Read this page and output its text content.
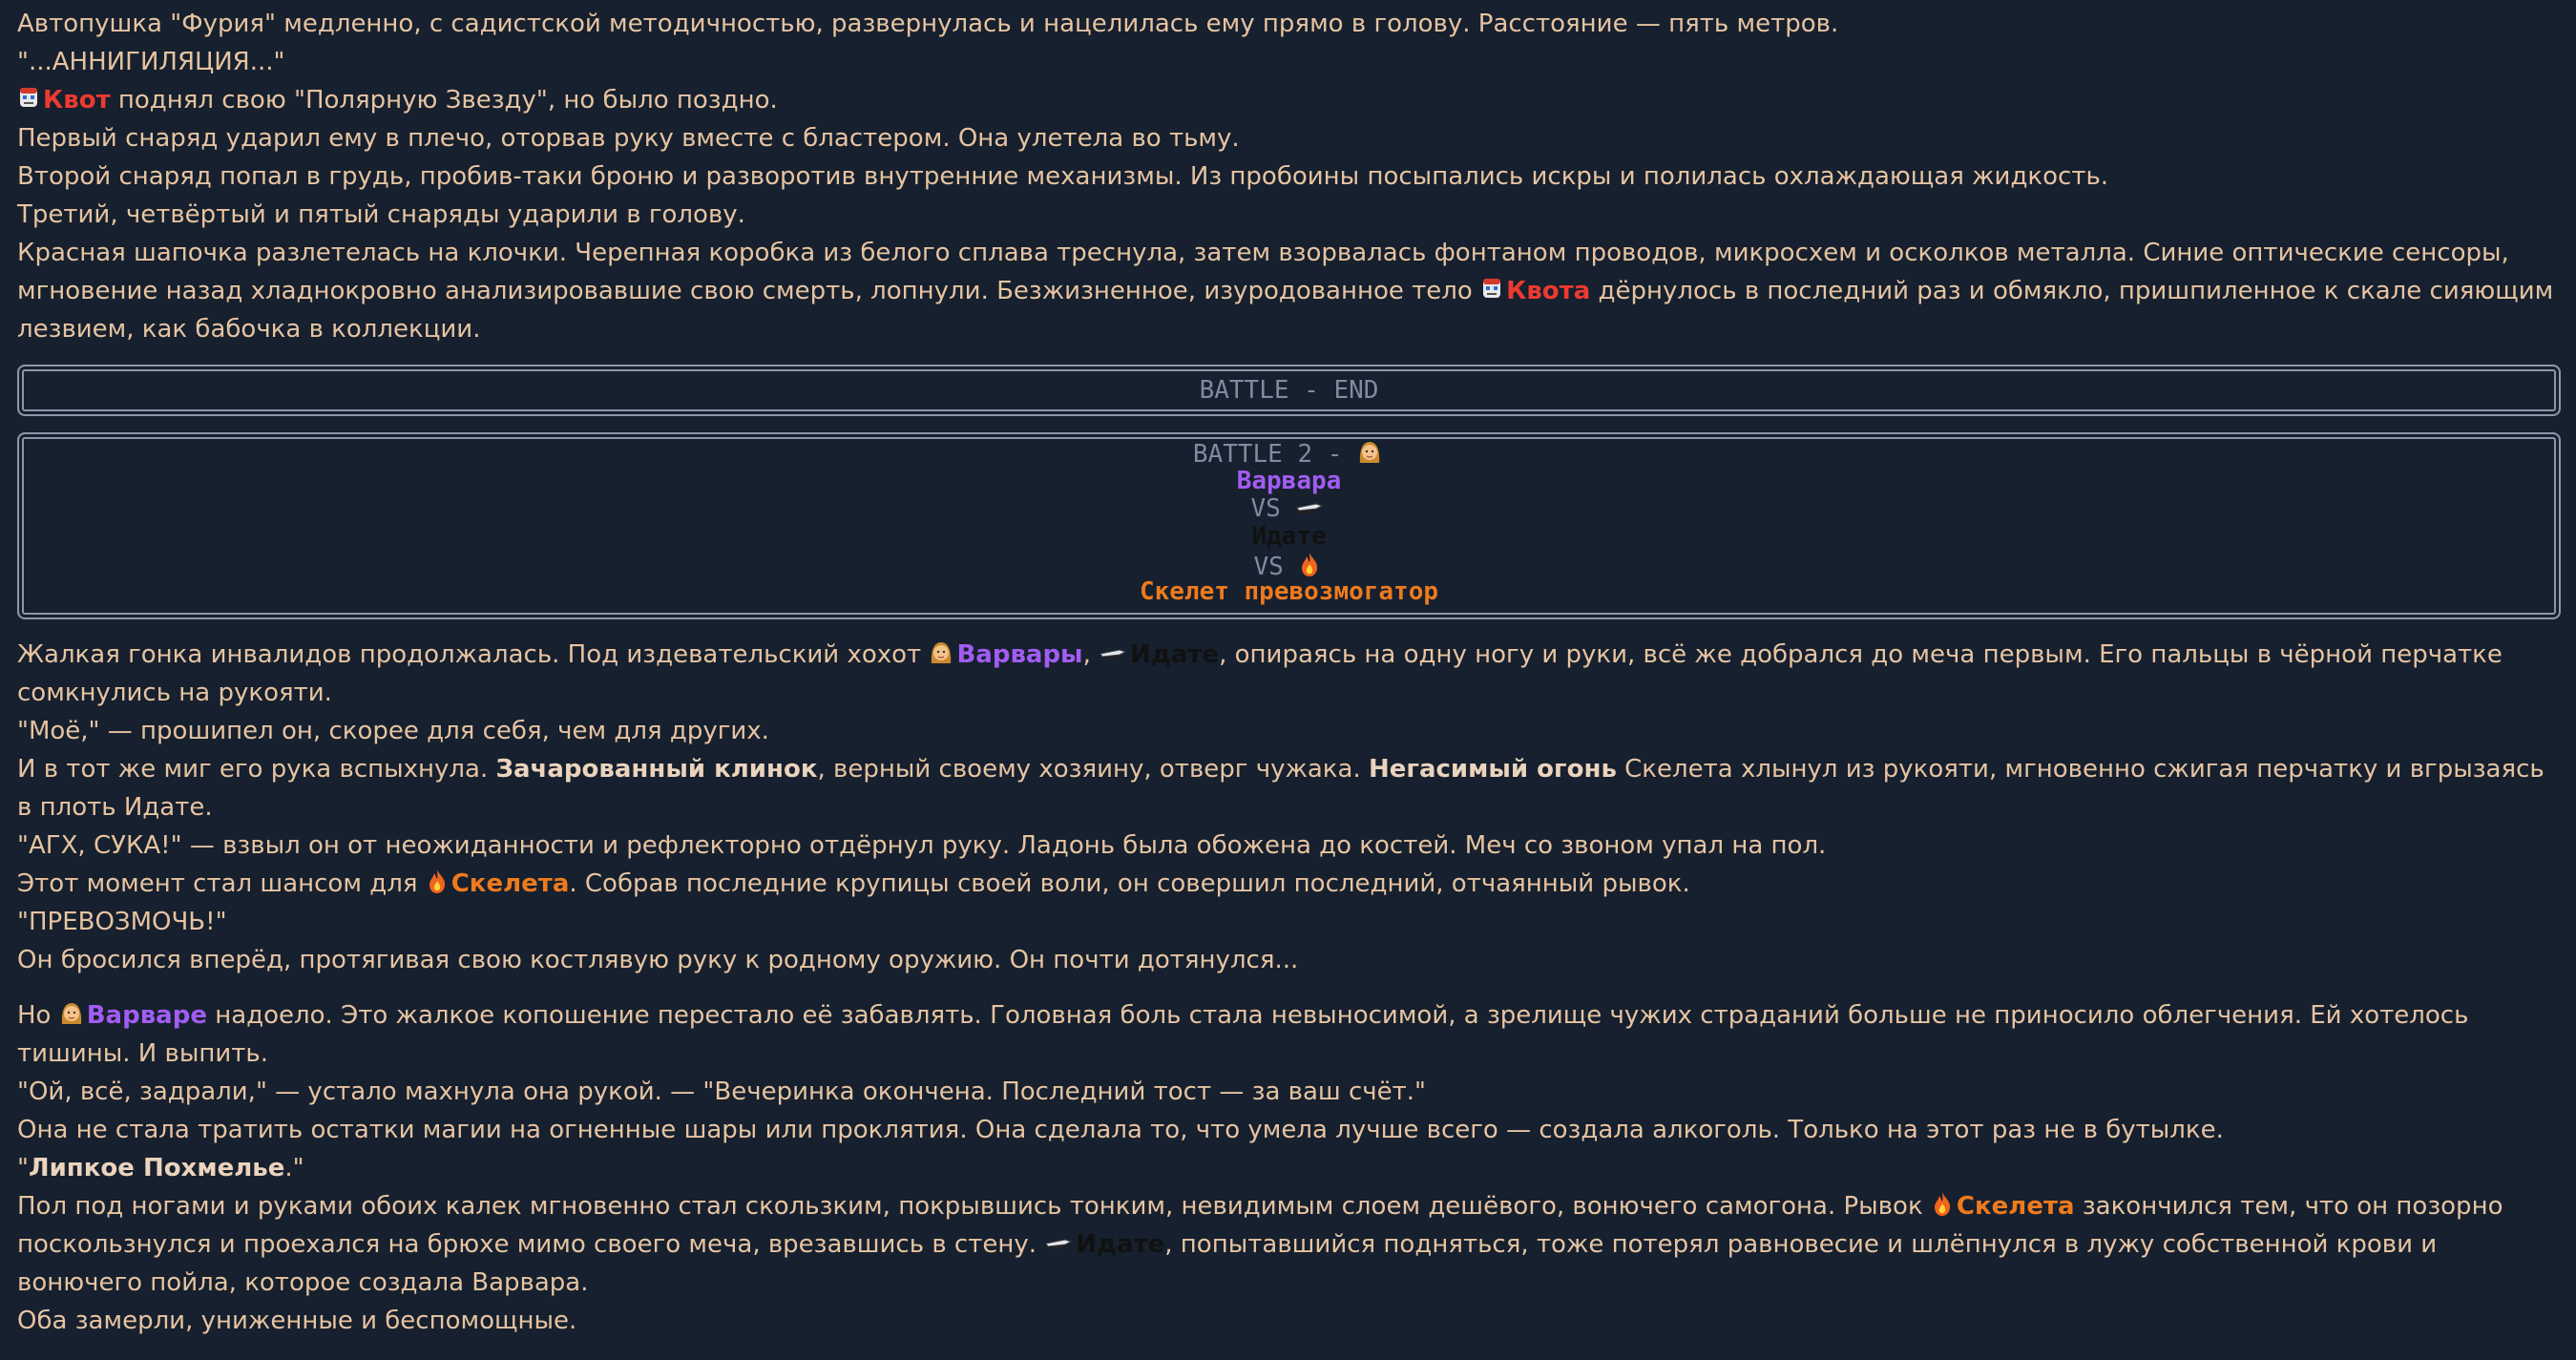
Автопушка "Фурия" медленно, с садистской методичностью, развернулась и нацелилась ему прямо в голову. Расстояние — пять метров.

"...АННИГИЛЯЦИЯ..."

Квот поднял свою "Полярную Звезду", но было поздно.

Первый снаряд ударил ему в плечо, оторвав руку вместе с бластером. Она улетела во тьму.

Второй снаряд попал в грудь, пробив-таки броню и разворотив внутренние механизмы. Из пробоины посыпались искры и полилась охлаждающая жидкость.

Третий, четвёртый и пятый снаряды ударили в голову.

Красная шапочка разлетелась на клочки. Черепная коробка из белого сплава треснула, затем взорвалась фонтаном проводов, микросхем и осколков металла. Синие оптические сенсоры, мгновение назад хладнокровно анализировавшие свою смерть, лопнули. Безжизненное, изуродованное тело
Квота дёрнулось в последний раз и обмякло, пришпиленное к скале сияющим лезвием, как бабочка в коллекции.

BATTLE - END
BATTLE 2 -
Варвара
VS
Идате
VS
Скелет превозмогатор

Жалкая гонка инвалидов продолжалась. Под издевательский хохот
Варвары,
Идате, опираясь на одну ногу и руки, всё же добрался до меча первым. Его пальцы в чёрной перчатке сомкнулись на рукояти.

"Моё," — прошипел он, скорее для себя, чем для других.

И в тот же миг его рука вспыхнула. Зачарованный клинок, верный своему хозяину, отверг чужака. Негасимый огонь Скелета хлынул из рукояти, мгновенно сжигая перчатку и вгрызаясь в плоть Идате.

"АГХ, СУКА!" — взвыл он от неожиданности и рефлекторно отдёрнул руку. Ладонь была обожена до костей. Меч со звоном упал на пол.

Этот момент стал шансом для
Скелета. Собрав последние крупицы своей воли, он совершил последний, отчаянный рывок.

"ПРЕВОЗМОЧЬ!"

Он бросился вперёд, протягивая свою костлявую руку к родному оружию. Он почти дотянулся...

Но
Варваре надоело. Это жалкое копошение перестало её забавлять. Головная боль стала невыносимой, а зрелище чужих страданий больше не приносило облегчения. Ей хотелось тишины. И выпить.

"Ой, всё, задрали," — устало махнула она рукой. — "Вечеринка окончена. Последний тост — за ваш счёт."

Она не стала тратить остатки магии на огненные шары или проклятия. Она сделала то, что умела лучше всего — создала алкоголь. Только на этот раз не в бутылке.

"Липкое Похмелье."

Пол под ногами и руками обоих калек мгновенно стал скользким, покрывшись тонким, невидимым слоем дешёвого, вонючего самогона. Рывок
Скелета закончился тем, что он позорно поскользнулся и проехался на брюхе мимо своего меча, врезавшись в стену.
Идате, попытавшийся подняться, тоже потерял равновесие и шлёпнулся в лужу собственной крови и вонючего пойла, которое создала Варвара.

Оба замерли, униженные и беспомощные.
